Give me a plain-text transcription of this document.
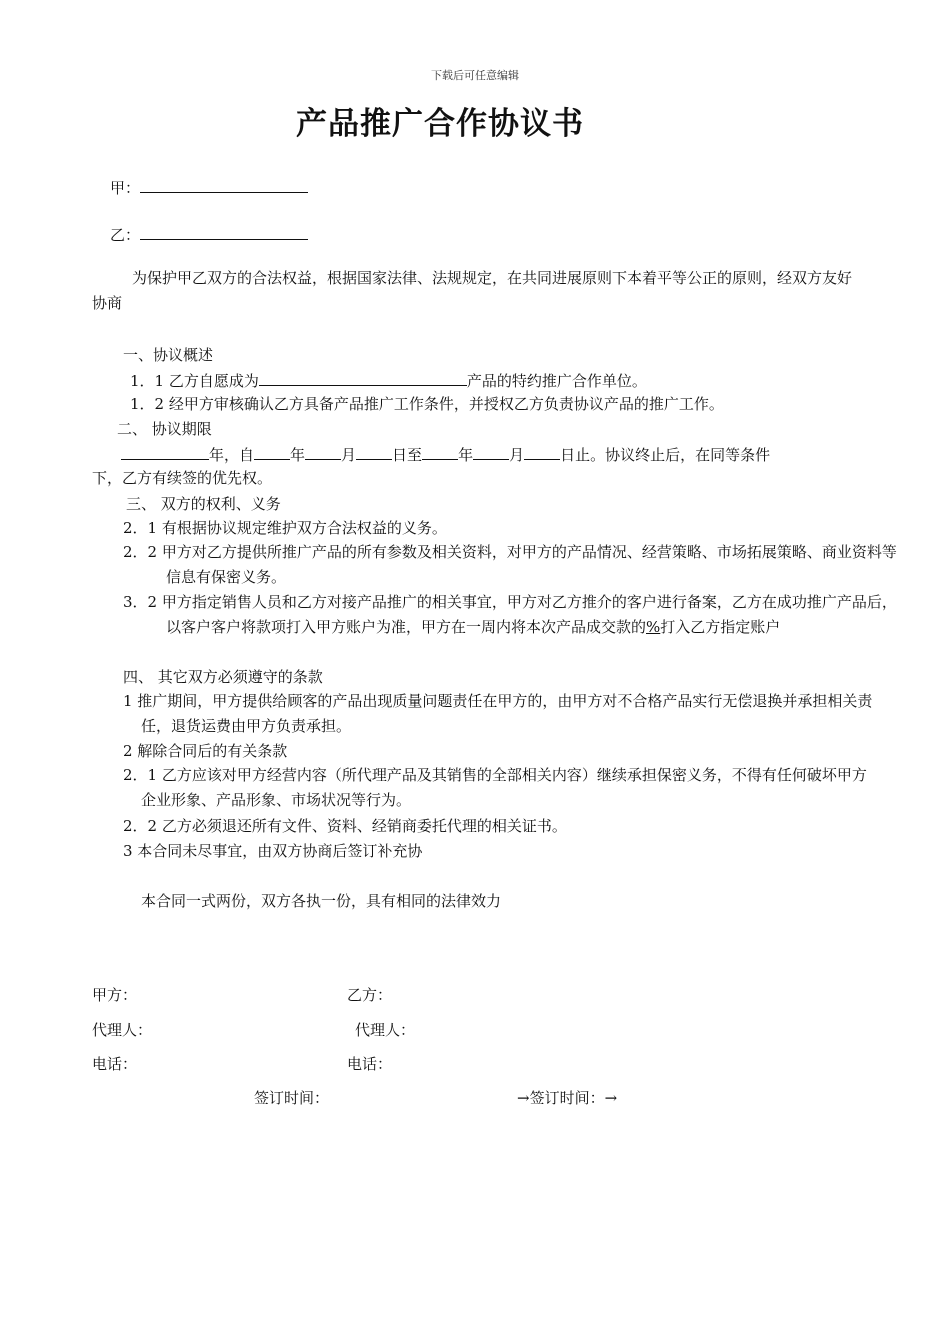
下载后可任意编辑
产品推广合作协议书
甲：
乙：
为保护甲乙双方的合法权益，根据国家法律、法规规定，在共同进展原则下本着平等公正的原则，经双方友好协商
一、协议概述
1．1 乙方自愿成为	产品的特约推广合作单位。
1．2 经甲方审核确认乙方具备产品推广工作条件，并授权乙方负责协议产品的推广工作。
二、 协议期限
年，自 年 月 日至 年 月 日止。协议终止后，在同等条件
下，乙方有续签的优先权。
三、 双方的权利、义务
2．1 有根据协议规定维护双方合法权益的义务。
2．2 甲方对乙方提供所推广产品的所有参数及相关资料，对甲方的产品情况、经营策略、市场拓展策略、商业资料等信息有保密义务。
3．2 甲方指定销售人员和乙方对接产品推广的相关事宜，甲方对乙方推介的客户进行备案，乙方在成功推广产品后，以客户客户将款项打入甲方账户为准，甲方在一周内将本次产品成交款的%打入乙方指定账户
四、 其它双方必须遵守的条款
1 推广期间，甲方提供给顾客的产品出现质量问题责任在甲方的，由甲方对不合格产品实行无偿退换并承担相关责任，退货运费由甲方负责承担。
2 解除合同后的有关条款
2．1 乙方应该对甲方经营内容（所代理产品及其销售的全部相关内容）继续承担保密义务，不得有任何破坏甲方企业形象、产品形象、市场状况等行为。
2．2 乙方必须退还所有文件、资料、经销商委托代理的相关证书。
3 本合同未尽事宜，由双方协商后签订补充协
本合同一式两份，双方各执一份，具有相同的法律效力
甲方：	乙方：
代理人：	代理人：
电话：	电话：
签订时间：	→签订时间：→
